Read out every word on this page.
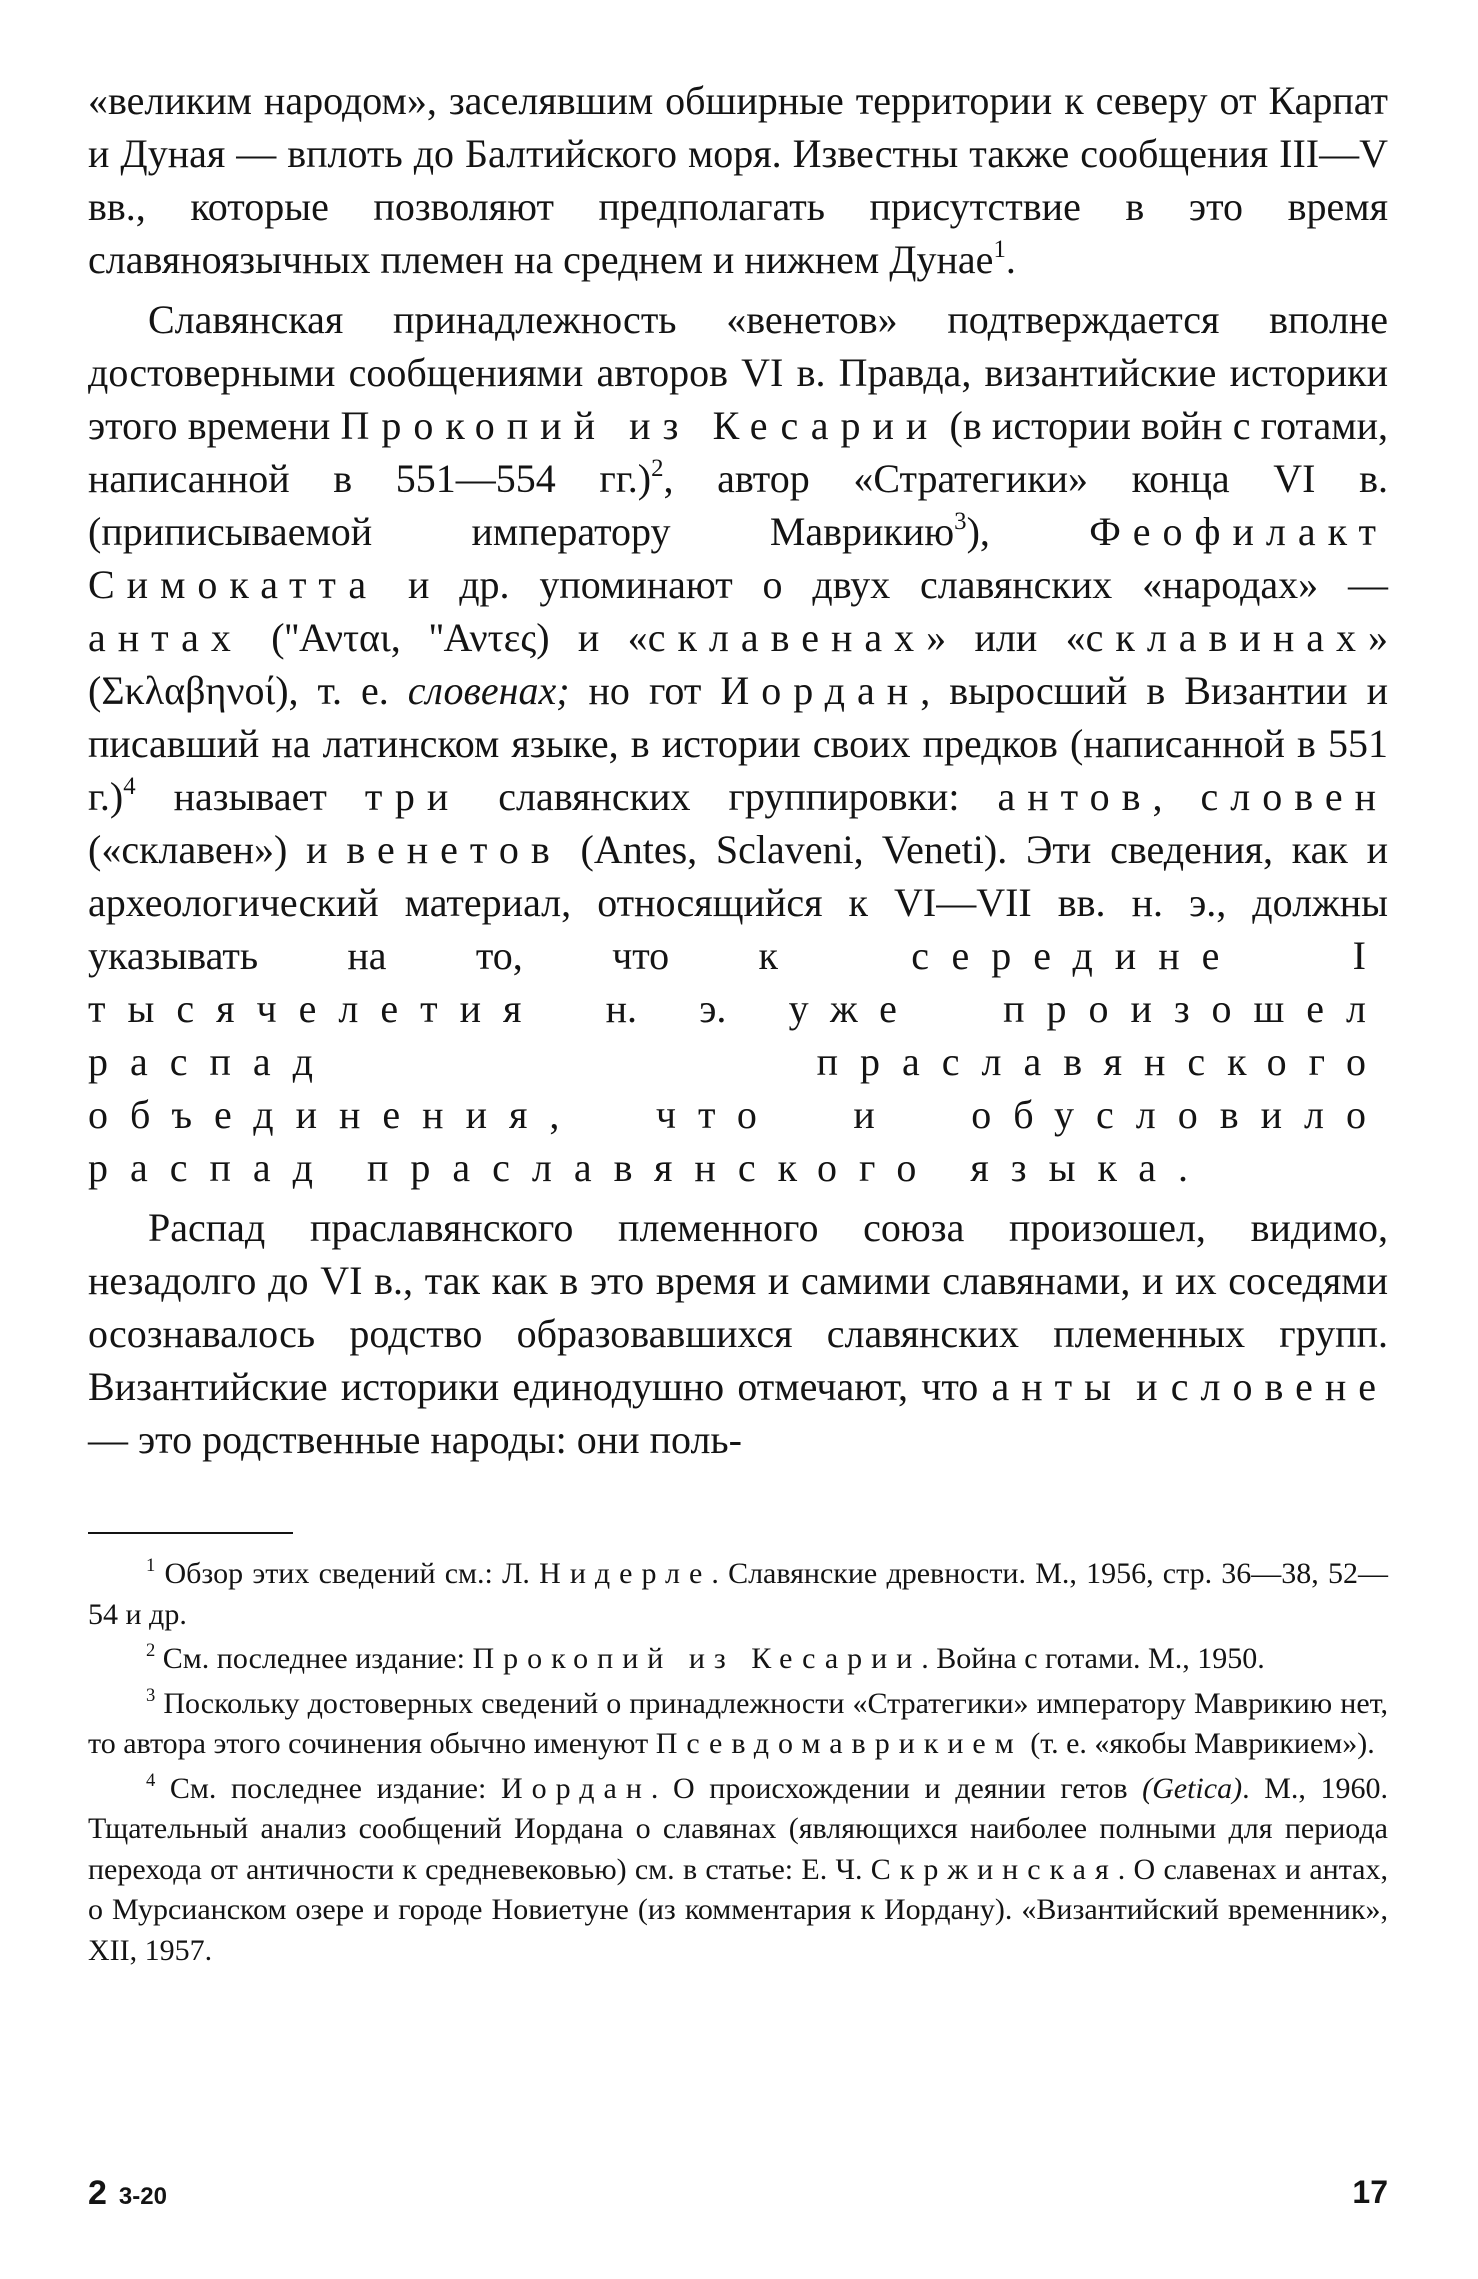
«великим народом», заселявшим обширные территории к северу от Карпат и Дуная — вплоть до Балтийского моря. Известны также сообщения III—V вв., которые позволяют предполагать присутствие в это время славяноязычных племен на среднем и нижнем Дунае$^1$.

Славянская принадлежность «венетов» подтверждается вполне достоверными сообщениями авторов VI в. Правда, византийские историки этого времени Прокопий из Кесарии (в истории войн с готами, написанной в 551—554 гг.)$^2$, автор «Стратегики» конца VI в. (приписываемой императору Маврикию$^3$), Феофилакт Симокатта и др. упоминают о двух славянских «народах» — антах (''Ανται, ''Αντες) и «склавенах» или «склавинах» (Σκλαβηνοί), т. е. словенах; но гот Иордан, выросший в Византии и писавший на латинском языке, в истории своих предков (написанной в 551 г.)$^4$ называет три славянских группировки: антов, словен («склавен») и венетов (Antes, Sclaveni, Veneti). Эти сведения, как и археологический материал, относящийся к VI—VII вв. н. э., должны указывать на то, что к середине I тысячелетия н. э. уже произошел распад праславянского объединения, что и обусловило распад праславянского языка.

Распад праславянского племенного союза произошел, видимо, незадолго до VI в., так как в это время и самими славянами, и их соседями осознавалось родство образовавшихся славянских племенных групп. Византийские историки единодушно отмечают, что анты и словене — это родственные народы: они поль-

$^1$ Обзор этих сведений см.: Л. Нидерле. Славянские древности. М., 1956, стр. 36—38, 52—54 и др.

$^2$ См. последнее издание: Прокопий из Кесарии. Война с готами. М., 1950.

$^3$ Поскольку достоверных сведений о принадлежности «Стратегики» императору Маврикию нет, то автора этого сочинения обычно именуют Псевдомаврикием (т. е. «якобы Маврикием»).

$^4$ См. последнее издание: Иордан. О происхождении и деянии гетов (Getica). М., 1960. Тщательный анализ сообщений Иордана о славянах (являющихся наиболее полными для периода перехода от античности к средневековью) см. в статье: Е. Ч. Скржинская. О славенах и антах, о Мурсианском озере и городе Новиетуне (из комментария к Иордану). «Византийский временник», XII, 1957.

2 3-20	17
